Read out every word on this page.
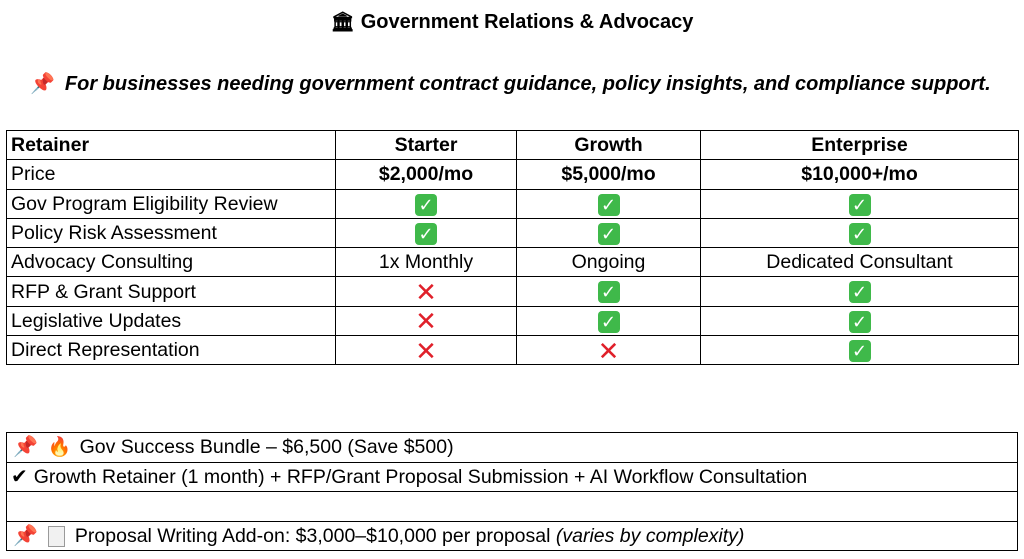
🏛 Government Relations & Advocacy
📌 For businesses needing government contract guidance, policy insights, and compliance support.
Retainer	Starter	Growth	Enterprise
Price	$2,000/mo	$5,000/mo	$10,000+/mo
Gov Program Eligibility Review	✓	✓	✓
Policy Risk Assessment	✓	✓	✓
Advocacy Consulting	1x Monthly	Ongoing	Dedicated Consultant
RFP & Grant Support	✕	✓	✓
Legislative Updates	✕	✓	✓
Direct Representation	✕	✕	✓
📌 🔥 Gov Success Bundle – $6,500 (Save $500)
✔ Growth Retainer (1 month) + RFP/Grant Proposal Submission + AI Workflow Consultation

📌 Proposal Writing Add-on: $3,000–$10,000 per proposal (varies by complexity)
